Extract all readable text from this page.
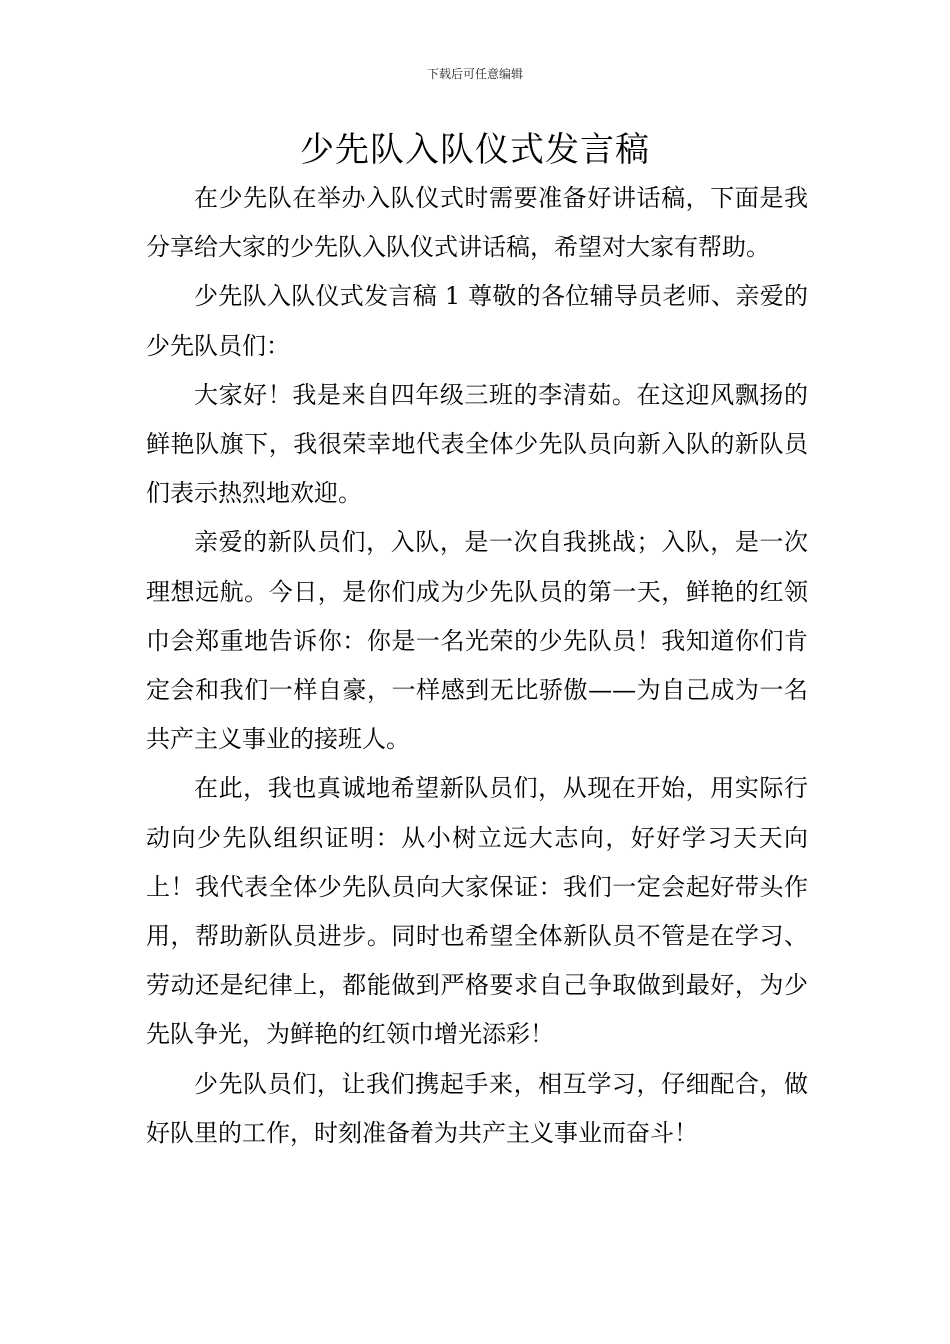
下载后可任意编辑
少先队入队仪式发言稿

在少先队在举办入队仪式时需要准备好讲话稿，下面是我分享给大家的少先队入队仪式讲话稿，希望对大家有帮助。

少先队入队仪式发言稿 1 尊敬的各位辅导员老师、亲爱的少先队员们：

大家好！我是来自四年级三班的李清茹。在这迎风飘扬的鲜艳队旗下，我很荣幸地代表全体少先队员向新入队的新队员们表示热烈地欢迎。

亲爱的新队员们，入队，是一次自我挑战；入队，是一次理想远航。今日，是你们成为少先队员的第一天，鲜艳的红领巾会郑重地告诉你：你是一名光荣的少先队员！我知道你们肯定会和我们一样自豪，一样感到无比骄傲——为自己成为一名共产主义事业的接班人。

在此，我也真诚地希望新队员们，从现在开始，用实际行动向少先队组织证明：从小树立远大志向，好好学习天天向上！我代表全体少先队员向大家保证：我们一定会起好带头作用，帮助新队员进步。同时也希望全体新队员不管是在学习、劳动还是纪律上，都能做到严格要求自己争取做到最好，为少先队争光，为鲜艳的红领巾增光添彩！

少先队员们，让我们携起手来，相互学习，仔细配合，做好队里的工作，时刻准备着为共产主义事业而奋斗！
